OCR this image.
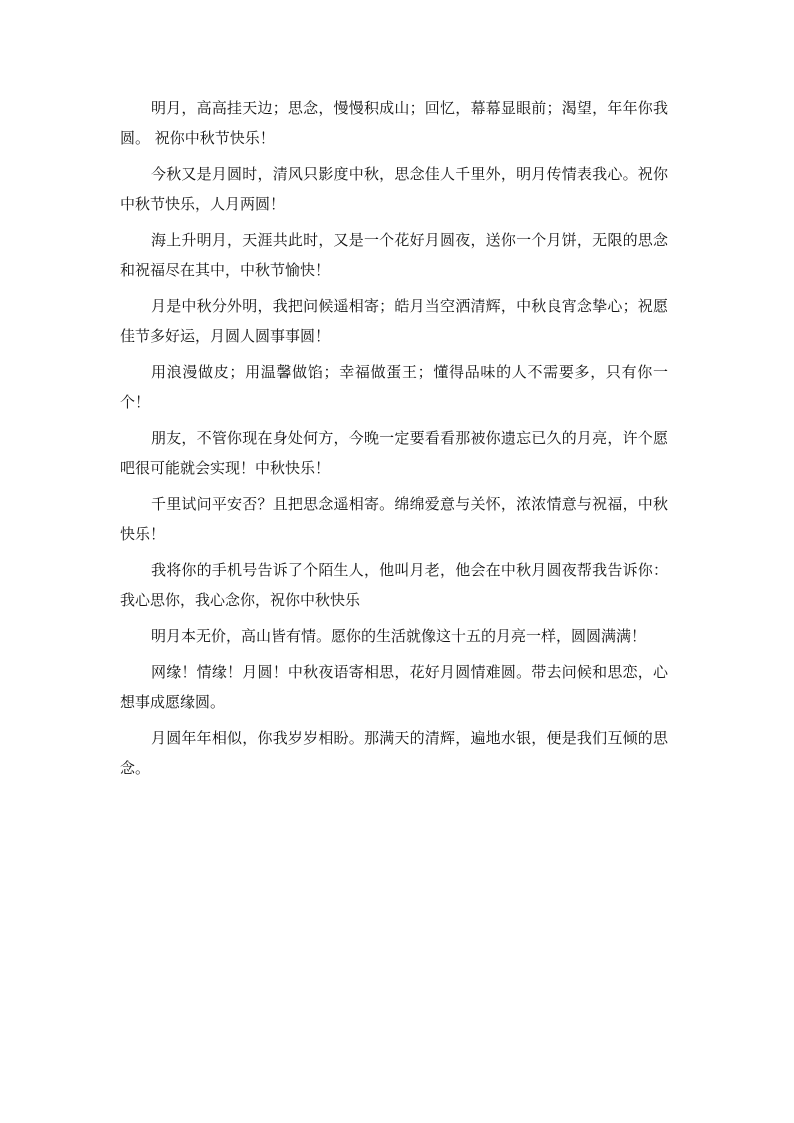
明月，高高挂天边；思念，慢慢积成山；回忆，幕幕显眼前；渴望，年年你我圆。 祝你中秋节快乐！

今秋又是月圆时，清风只影度中秋，思念佳人千里外，明月传情表我心。祝你中秋节快乐，人月两圆！

海上升明月，天涯共此时，又是一个花好月圆夜，送你一个月饼，无限的思念和祝福尽在其中，中秋节愉快！

月是中秋分外明，我把问候遥相寄；皓月当空洒清辉，中秋良宵念挚心；祝愿佳节多好运，月圆人圆事事圆！

用浪漫做皮；用温馨做馅；幸福做蛋王；懂得品味的人不需要多，只有你一个！

朋友，不管你现在身处何方，今晚一定要看看那被你遗忘已久的月亮，许个愿吧很可能就会实现！中秋快乐！

千里试问平安否？且把思念遥相寄。绵绵爱意与关怀，浓浓情意与祝福，中秋快乐！

我将你的手机号告诉了个陌生人，他叫月老，他会在中秋月圆夜帮我告诉你：我心思你，我心念你，祝你中秋快乐

明月本无价，高山皆有情。愿你的生活就像这十五的月亮一样，圆圆满满！

网缘！情缘！月圆！中秋夜语寄相思，花好月圆情难圆。带去问候和思恋，心想事成愿缘圆。

月圆年年相似，你我岁岁相盼。那满天的清辉，遍地水银，便是我们互倾的思念。
